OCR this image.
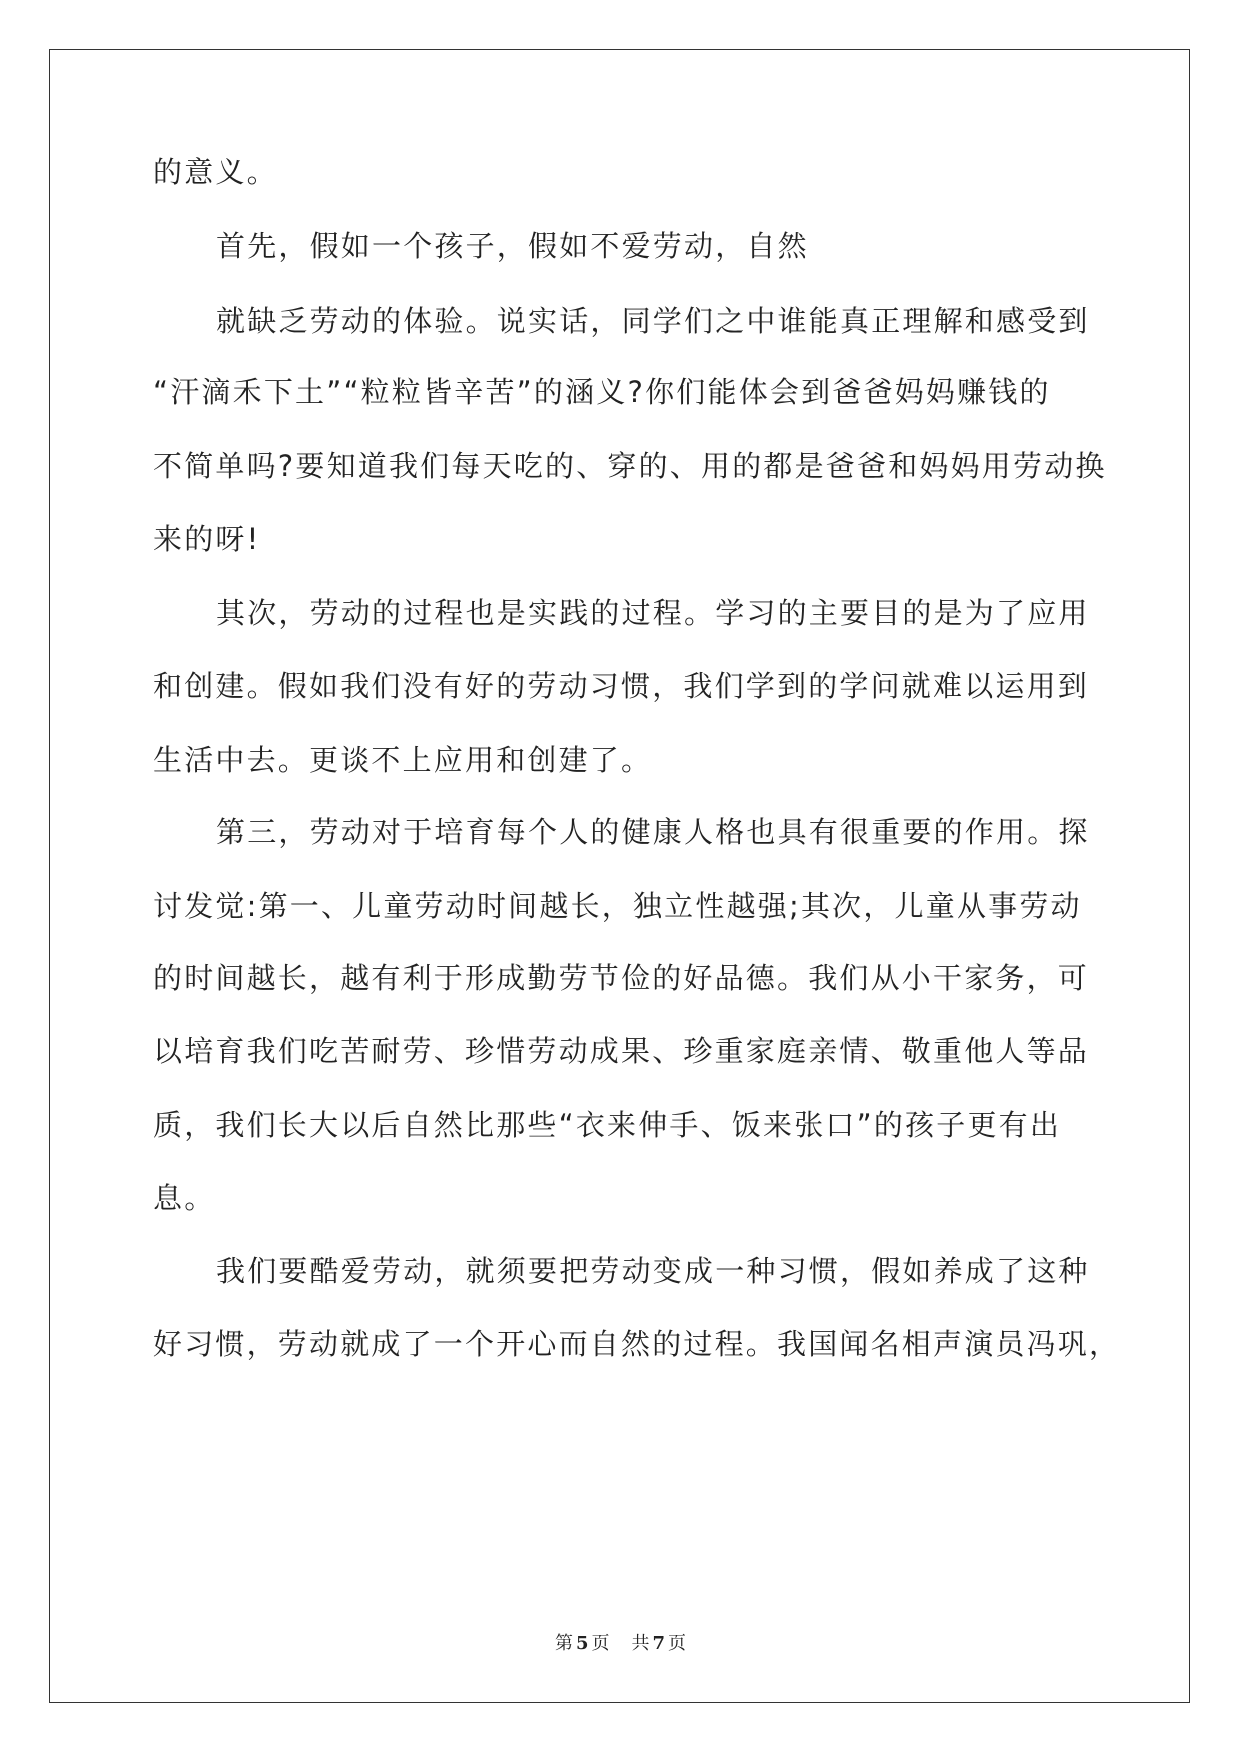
的意义。
首先，假如一个孩子，假如不爱劳动，自然
就缺乏劳动的体验。说实话，同学们之中谁能真正理解和感受到
“汗滴禾下土”“粒粒皆辛苦”的涵义?你们能体会到爸爸妈妈赚钱的
不简单吗?要知道我们每天吃的、穿的、用的都是爸爸和妈妈用劳动换
来的呀!
其次，劳动的过程也是实践的过程。学习的主要目的是为了应用
和创建。假如我们没有好的劳动习惯，我们学到的学问就难以运用到
生活中去。更谈不上应用和创建了。
第三，劳动对于培育每个人的健康人格也具有很重要的作用。探
讨发觉:第一、儿童劳动时间越长，独立性越强;其次，儿童从事劳动
的时间越长，越有利于形成勤劳节俭的好品德。我们从小干家务，可
以培育我们吃苦耐劳、珍惜劳动成果、珍重家庭亲情、敬重他人等品
质，我们长大以后自然比那些“衣来伸手、饭来张口”的孩子更有出
息。
我们要酷爱劳动，就须要把劳动变成一种习惯，假如养成了这种
好习惯，劳动就成了一个开心而自然的过程。我国闻名相声演员冯巩，
第 5 页 共 7 页
